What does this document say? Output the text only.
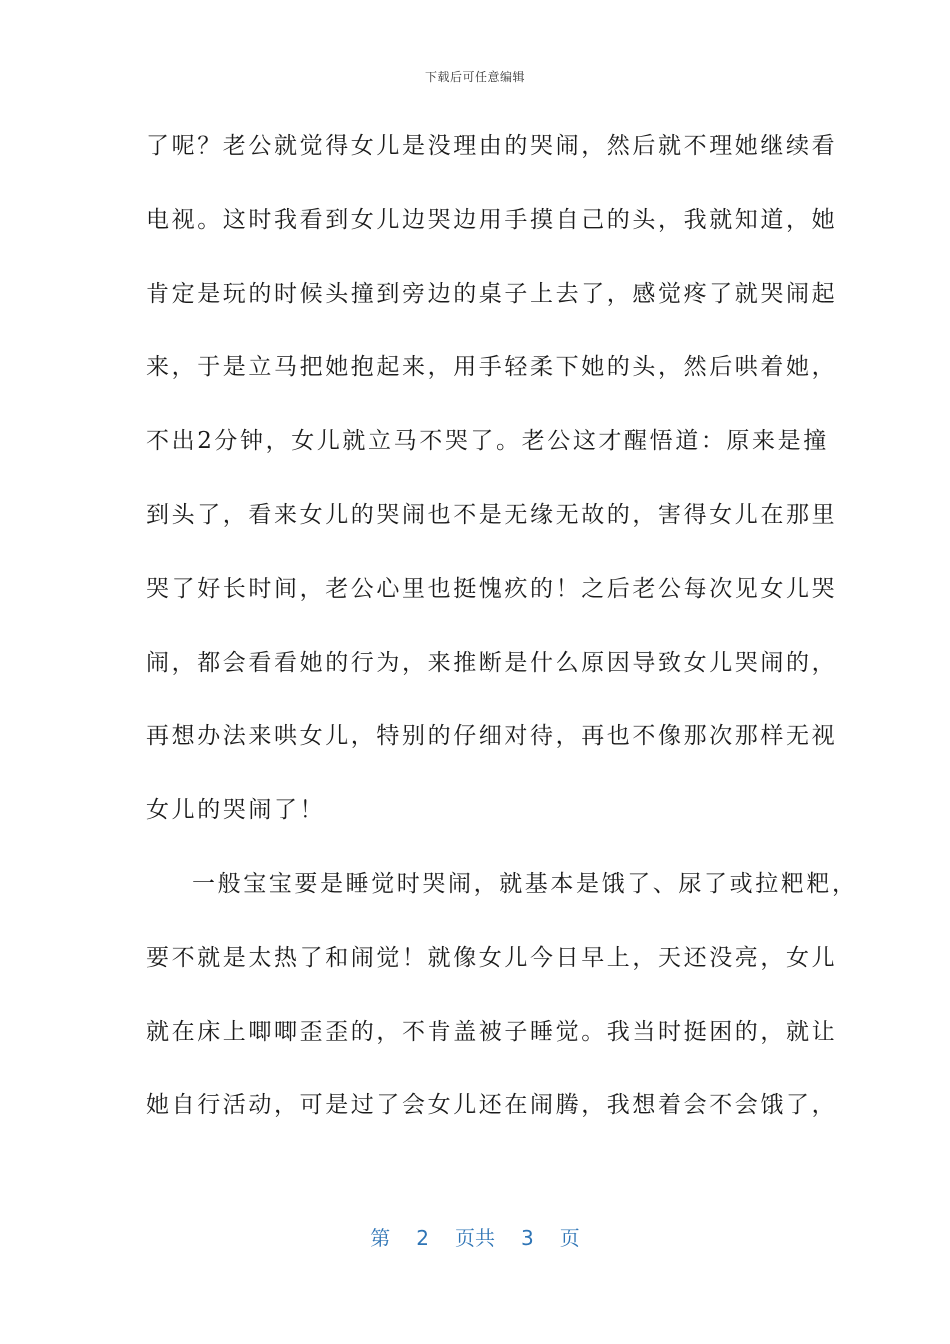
下载后可任意编辑
了呢？老公就觉得女儿是没理由的哭闹，然后就不理她继续看
电视。这时我看到女儿边哭边用手摸自己的头，我就知道，她
肯定是玩的时候头撞到旁边的桌子上去了，感觉疼了就哭闹起
来，于是立马把她抱起来，用手轻柔下她的头，然后哄着她，
不出2分钟，女儿就立马不哭了。老公这才醒悟道：原来是撞
到头了，看来女儿的哭闹也不是无缘无故的，害得女儿在那里
哭了好长时间，老公心里也挺愧疚的！之后老公每次见女儿哭
闹，都会看看她的行为，来推断是什么原因导致女儿哭闹的，
再想办法来哄女儿，特别的仔细对待，再也不像那次那样无视
女儿的哭闹了！
一般宝宝要是睡觉时哭闹，就基本是饿了、尿了或拉粑粑，
要不就是太热了和闹觉！就像女儿今日早上，天还没亮，女儿
就在床上唧唧歪歪的，不肯盖被子睡觉。我当时挺困的，就让
她自行活动，可是过了会女儿还在闹腾，我想着会不会饿了，
第 2 页共 3 页
